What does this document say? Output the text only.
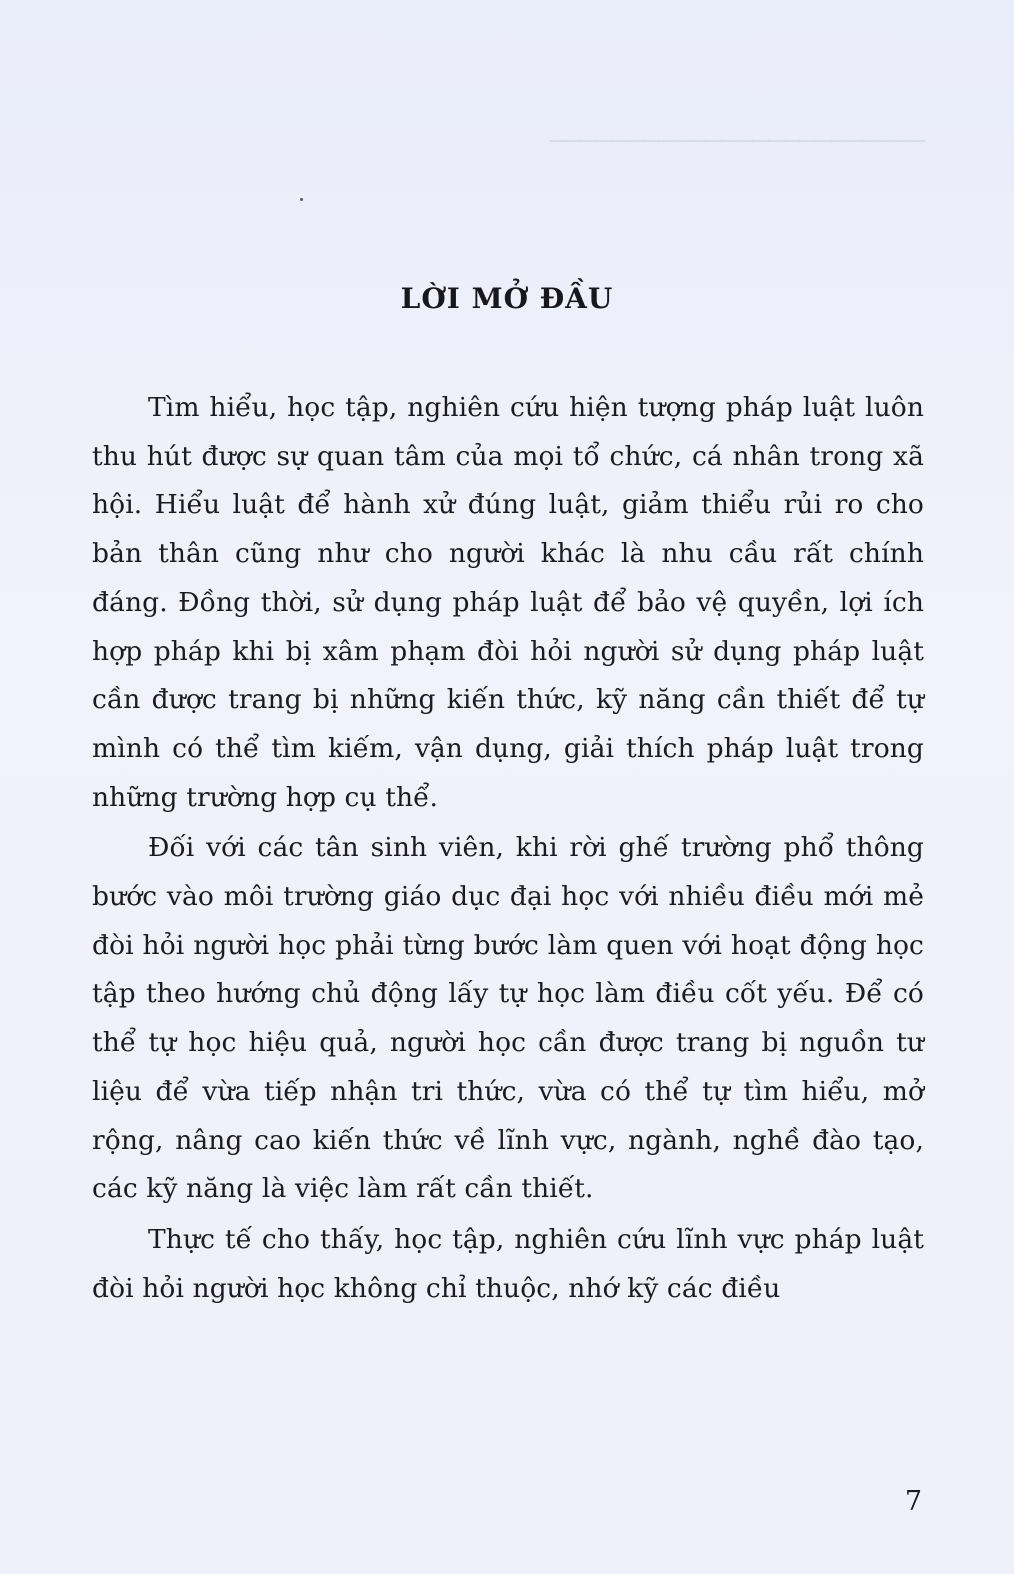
────────────────────────
LỜI MỞ ĐẦU

Tìm hiểu, học tập, nghiên cứu hiện tượng pháp luật luôn thu hút được sự quan tâm của mọi tổ chức, cá nhân trong xã hội. Hiểu luật để hành xử đúng luật, giảm thiểu rủi ro cho bản thân cũng như cho người khác là nhu cầu rất chính đáng. Đồng thời, sử dụng pháp luật để bảo vệ quyền, lợi ích hợp pháp khi bị xâm phạm đòi hỏi người sử dụng pháp luật cần được trang bị những kiến thức, kỹ năng cần thiết để tự mình có thể tìm kiếm, vận dụng, giải thích pháp luật trong những trường hợp cụ thể.

Đối với các tân sinh viên, khi rời ghế trường phổ thông bước vào môi trường giáo dục đại học với nhiều điều mới mẻ đòi hỏi người học phải từng bước làm quen với hoạt động học tập theo hướng chủ động lấy tự học làm điều cốt yếu. Để có thể tự học hiệu quả, người học cần được trang bị nguồn tư liệu để vừa tiếp nhận tri thức, vừa có thể tự tìm hiểu, mở rộng, nâng cao kiến thức về lĩnh vực, ngành, nghề đào tạo, các kỹ năng là việc làm rất cần thiết.

Thực tế cho thấy, học tập, nghiên cứu lĩnh vực pháp luật đòi hỏi người học không chỉ thuộc, nhớ kỹ các điều

7
